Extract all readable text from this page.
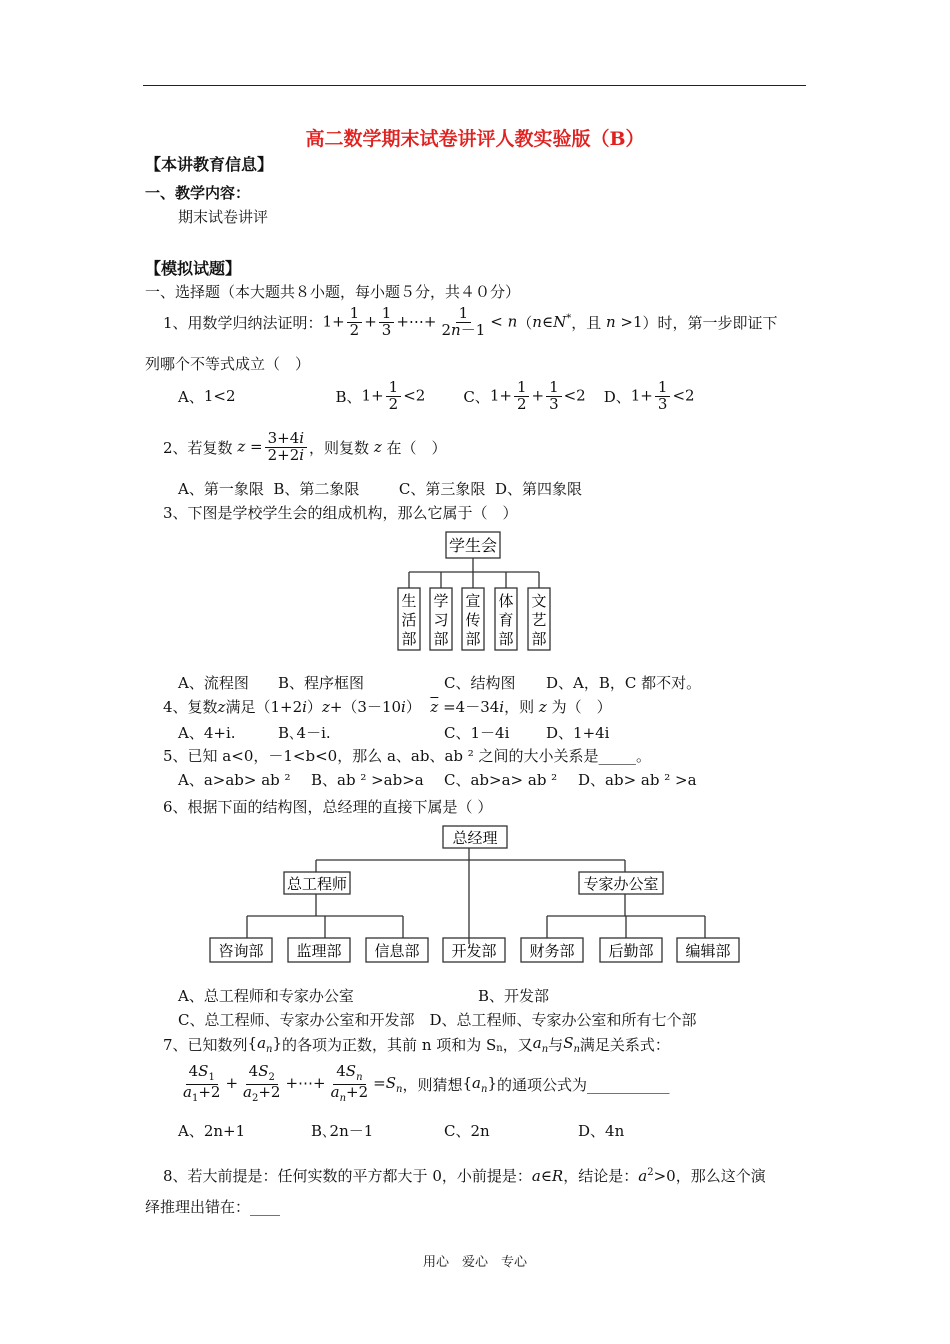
高二数学期末试卷讲评人教实验版（B）
【本讲教育信息】
一、教学内容：
期末试卷讲评
【模拟试题】
一、选择题（本大题共８小题，每小题５分，共４０分）
1、用数学归纳法证明： $1+ \frac{1}{2} + \frac{1}{3}$ +⋯+ $\frac{1}{2n-1} < n$ （ n∈N* ，且 n >1 ）时，第一步即证下
列哪个不等式成立（　）
A、 1<2	B、 $1+ \frac{1}{2} <2$	C、 $1+ \frac{1}{2} + \frac{1}{3} <2$ D、 $1+ \frac{1}{3} <2$
2、若复数 $z = \frac{3+4i}{2+2i}$ ，则复数 z 在（　）
A、第一象限  B、第二象限　　  C、第三象限  D、第四象限
3、下图是学校学生会的组成机构，那么它属于（　）
学生会
生活部
学习部
宣传部
体育部
文艺部
A、流程图	B、程序框图	C、结构图	D、A，B，C 都不对。
4、复数z满足（1+2i）z+（3－10i） $\overline{z} =4-34i$，则 z 为（　）
A、4+i.	B､4－i.	C、1－4i	D、1+4i
5、已知 a<0，－1<b<0，那么 a、ab、ab ² 之间的大小关系是_____。
A、a>ab> ab ²	B、ab ² >ab>a	C、ab>a> ab ²	D、ab> ab ² >a
6、根据下面的结构图，总经理的直接下属是（ ）
总经理
总工程师	专家办公室
咨询部 监理部 信息部 开发部 财务部 后勤部 编辑部
A、总工程师和专家办公室	B、开发部
C、总工程师、专家办公室和开发部　D、总工程师、专家办公室和所有七个部
7、已知数列 $\{a_n\}$ 的各项为正数，其前 n 项和为 $S_n$ ，又 $a_n$ 与 $S_n$ 满足关系式：
$\frac{4S_1}{a_1+2} + \frac{4S_2}{a_2+2}$ +⋯+ $\frac{4S_n}{a_n+2} =S_n$ ，则猜想 $\{a_n\}$ 的通项公式为___________
A、2n+1	B､2n－1	C、2n	D、4n
8、若大前提是：任何实数的平方都大于 0，小前提是：a∈R，结论是：$a^2>0$，那么这个演
绎推理出错在：____
用心　爱心　专心
